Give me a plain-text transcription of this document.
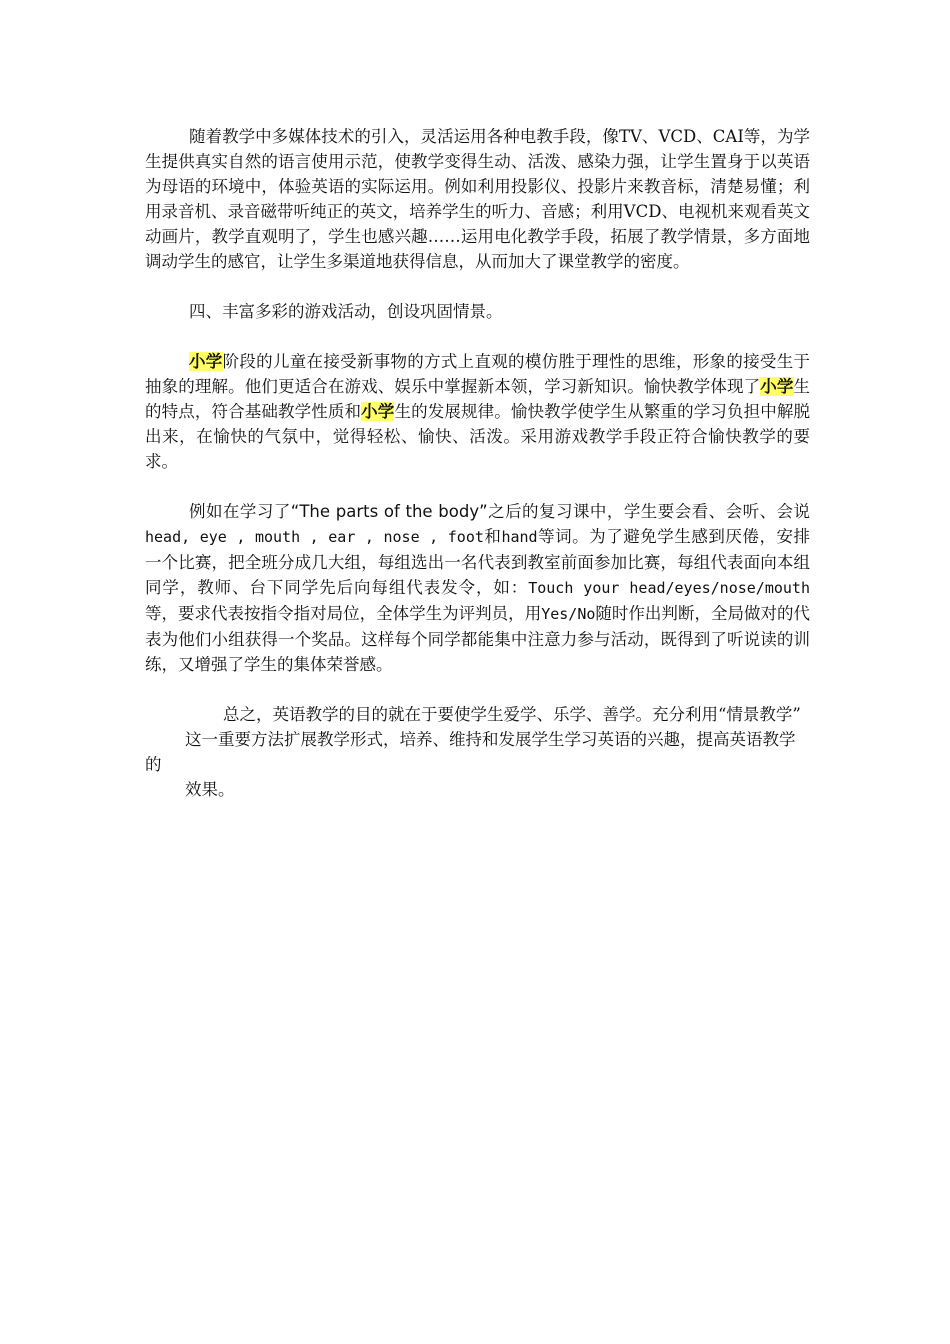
随着教学中多媒体技术的引入，灵活运用各种电教手段，像TV、VCD、CAI等，为学生提供真实自然的语言使用示范，使教学变得生动、活泼、感染力强，让学生置身于以英语为母语的环境中，体验英语的实际运用。例如利用投影仪、投影片来教音标，清楚易懂；利用录音机、录音磁带听纯正的英文，培养学生的听力、音感；利用VCD、电视机来观看英文动画片，教学直观明了，学生也感兴趣……运用电化教学手段，拓展了教学情景，多方面地调动学生的感官，让学生多渠道地获得信息，从而加大了课堂教学的密度。

四、丰富多彩的游戏活动，创设巩固情景。

小学阶段的儿童在接受新事物的方式上直观的模仿胜于理性的思维，形象的接受生于抽象的理解。他们更适合在游戏、娱乐中掌握新本领，学习新知识。愉快教学体现了小学生的特点，符合基础教学性质和小学生的发展规律。愉快教学使学生从繁重的学习负担中解脱出来，在愉快的气氛中，觉得轻松、愉快、活泼。采用游戏教学手段正符合愉快教学的要求。

例如在学习了“The parts of the body”之后的复习课中，学生要会看、会听、会说head, eye , mouth , ear , nose , foot和hand等词。为了避免学生感到厌倦，安排一个比赛，把全班分成几大组，每组选出一名代表到教室前面参加比赛，每组代表面向本组同学，教师、台下同学先后向每组代表发令，如：Touch your head/eyes/nose/mouth等，要求代表按指令指对局位，全体学生为评判员，用Yes/No随时作出判断，全局做对的代表为他们小组获得一个奖品。这样每个同学都能集中注意力参与活动，既得到了听说读的训练，又增强了学生的集体荣誉感。

总之，英语教学的目的就在于要使学生爱学、乐学、善学。充分利用“情景教学”

这一重要方法扩展教学形式，培养、维持和发展学生学习英语的兴趣，提高英语教学的

效果。
